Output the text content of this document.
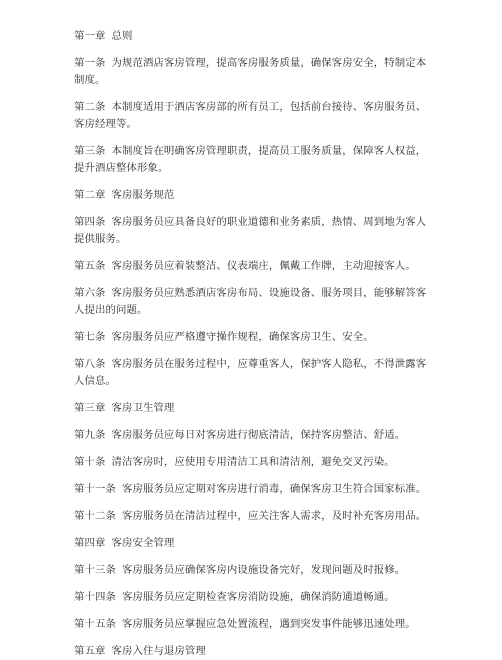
第一章 总则

第一条 为规范酒店客房管理，提高客房服务质量，确保客房安全，特制定本制度。

第二条 本制度适用于酒店客房部的所有员工，包括前台接待、客房服务员、客房经理等。

第三条 本制度旨在明确客房管理职责，提高员工服务质量，保障客人权益，提升酒店整体形象。

第二章 客房服务规范

第四条 客房服务员应具备良好的职业道德和业务素质，热情、周到地为客人提供服务。

第五条 客房服务员应着装整洁、仪表端庄，佩戴工作牌，主动迎接客人。

第六条 客房服务员应熟悉酒店客房布局、设施设备、服务项目，能够解答客人提出的问题。

第七条 客房服务员应严格遵守操作规程，确保客房卫生、安全。

第八条 客房服务员在服务过程中，应尊重客人，保护客人隐私，不得泄露客人信息。

第三章 客房卫生管理

第九条 客房服务员应每日对客房进行彻底清洁，保持客房整洁、舒适。

第十条 清洁客房时，应使用专用清洁工具和清洁剂，避免交叉污染。

第十一条 客房服务员应定期对客房进行消毒，确保客房卫生符合国家标准。

第十二条 客房服务员在清洁过程中，应关注客人需求，及时补充客房用品。

第四章 客房安全管理

第十三条 客房服务员应确保客房内设施设备完好，发现问题及时报修。

第十四条 客房服务员应定期检查客房消防设施，确保消防通道畅通。

第十五条 客房服务员应掌握应急处置流程，遇到突发事件能够迅速处理。

第五章 客房入住与退房管理
